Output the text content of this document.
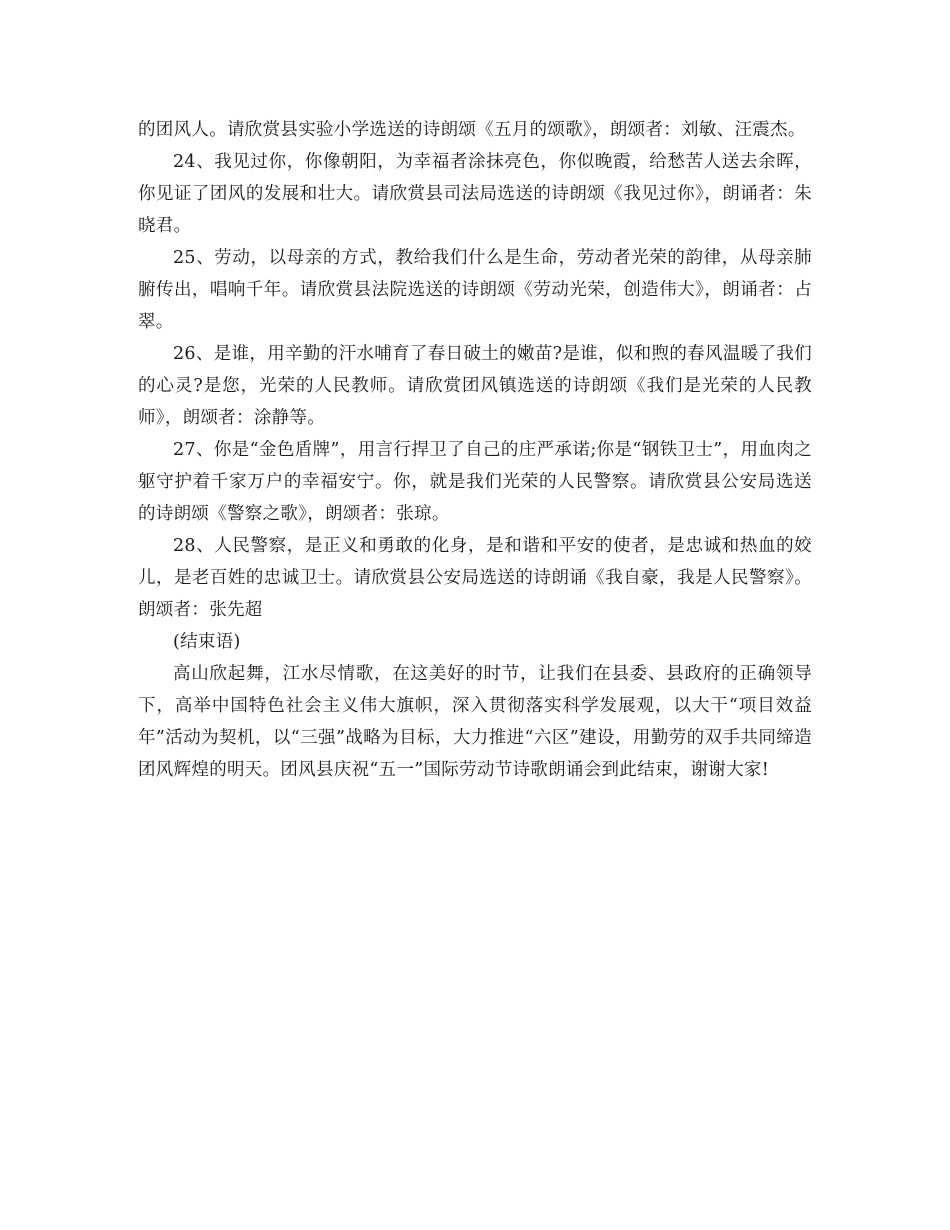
的团风人。请欣赏县实验小学选送的诗朗颂《五月的颂歌》，朗颂者：刘敏、汪震杰。

24、我见过你，你像朝阳，为幸福者涂抹亮色，你似晚霞，给愁苦人送去余晖，你见证了团风的发展和壮大。请欣赏县司法局选送的诗朗颂《我见过你》，朗诵者：朱晓君。

25、劳动，以母亲的方式，教给我们什么是生命，劳动者光荣的韵律，从母亲肺腑传出，唱响千年。请欣赏县法院选送的诗朗颂《劳动光荣，创造伟大》，朗诵者：占翠。

26、是谁，用辛勤的汗水哺育了春日破土的嫩苗?是谁，似和煦的春风温暖了我们的心灵?是您，光荣的人民教师。请欣赏团风镇选送的诗朗颂《我们是光荣的人民教师》，朗颂者：涂静等。

27、你是“金色盾牌”，用言行捍卫了自己的庄严承诺;你是“钢铁卫士”，用血肉之躯守护着千家万户的幸福安宁。你，就是我们光荣的人民警察。请欣赏县公安局选送的诗朗颂《警察之歌》，朗颂者：张琼。

28、人民警察，是正义和勇敢的化身，是和谐和平安的使者，是忠诚和热血的姣儿，是老百姓的忠诚卫士。请欣赏县公安局选送的诗朗诵《我自豪，我是人民警察》。朗颂者：张先超

(结束语)

高山欣起舞，江水尽情歌，在这美好的时节，让我们在县委、县政府的正确领导下，高举中国特色社会主义伟大旗帜，深入贯彻落实科学发展观，以大干“项目效益年”活动为契机，以“三强”战略为目标，大力推进“六区”建设，用勤劳的双手共同缔造团风辉煌的明天。团风县庆祝“五一”国际劳动节诗歌朗诵会到此结束，谢谢大家!
